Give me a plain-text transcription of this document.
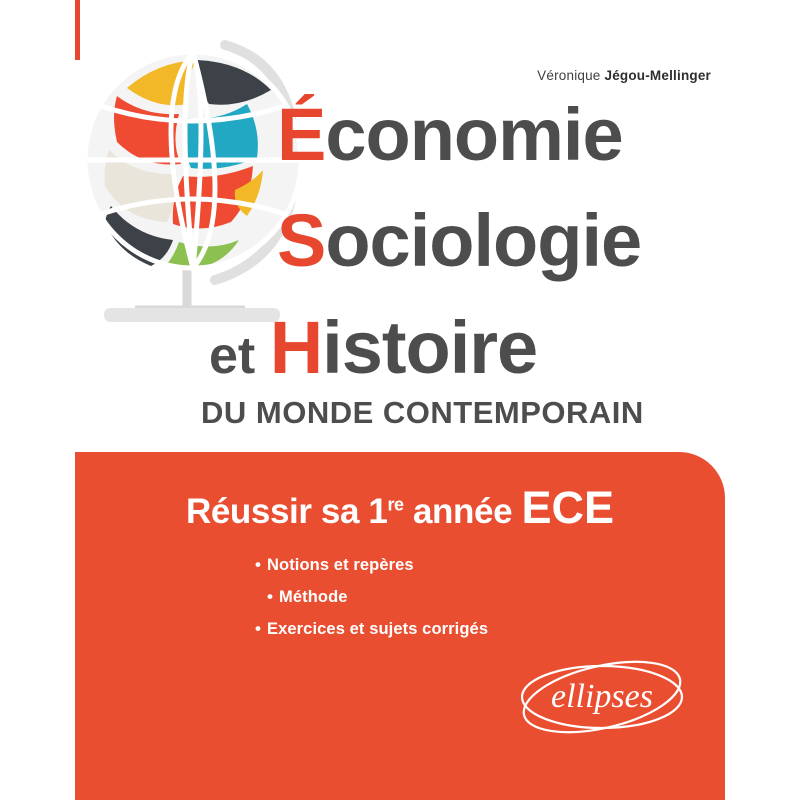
Véronique Jégou-Mellinger
Économie
Sociologie
et Histoire
DU MONDE CONTEMPORAIN
Réussir sa 1re année ECE
• Notions et repères
• Méthode
• Exercices et sujets corrigés
ellipses
